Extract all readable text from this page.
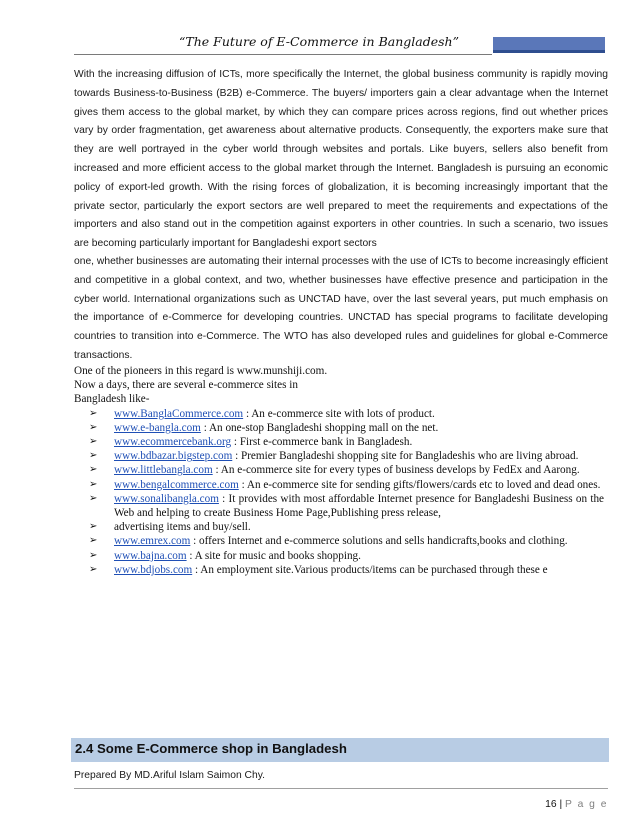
“The Future of E-Commerce in Bangladesh”
With the increasing diffusion of ICTs, more specifically the Internet, the global business community is rapidly moving towards Business-to-Business (B2B) e-Commerce. The buyers/ importers gain a clear advantage when the Internet gives them access to the global market, by which they can compare prices across regions, find out whether prices vary by order fragmentation, get awareness about alternative products. Consequently, the exporters make sure that they are well portrayed in the cyber world through websites and portals. Like buyers, sellers also benefit from increased and more efficient access to the global market through the Internet. Bangladesh is pursuing an economic policy of export-led growth. With the rising forces of globalization, it is becoming increasingly important that the private sector, particularly the export sectors are well prepared to meet the requirements and expectations of the importers and also stand out in the competition against exporters in other countries. In such a scenario, two issues are becoming particularly important for Bangladeshi export sectors
one, whether businesses are automating their internal processes with the use of ICTs to become increasingly efficient and competitive in a global context, and two, whether businesses have effective presence and participation in the cyber world. International organizations such as UNCTAD have, over the last several years, put much emphasis on the importance of e-Commerce for developing countries. UNCTAD has special programs to facilitate developing countries to transition into e-Commerce. The WTO has also developed rules and guidelines for global e-Commerce transactions.
One of the pioneers in this regard is www.munshiji.com.
Now a days, there are several e-commerce sites in
Bangladesh like-
➢	www.BanglaCommerce.com : An e-commerce site with lots of product.
➢	www.e-bangla.com : An one-stop Bangladeshi shopping mall on the net.
➢	www.ecommercebank.org : First e-commerce bank in Bangladesh.
➢	www.bdbazar.bigstep.com : Premier Bangladeshi shopping site for Bangladeshis who are living abroad.
➢	www.littlebangla.com : An e-commerce site for every types of business develops by FedEx and Aarong.
➢	www.bengalcommerce.com : An e-commerce site for sending gifts/flowers/cards etc to loved and dead ones.
➢	www.sonalibangla.com : It provides with most affordable Internet presence for Bangladeshi Business on the Web and helping to create Business Home Page,Publishing press release,
➢	advertising items and buy/sell.
➢	www.emrex.com : offers Internet and e-commerce solutions and sells handicrafts,books and clothing.
➢	www.bajna.com : A site for music and books shopping.
➢	www.bdjobs.com : An employment site.Various products/items can be purchased through these e
2.4 Some E-Commerce shop in Bangladesh
Prepared By MD.Ariful Islam Saimon Chy.
16 | P a g e
